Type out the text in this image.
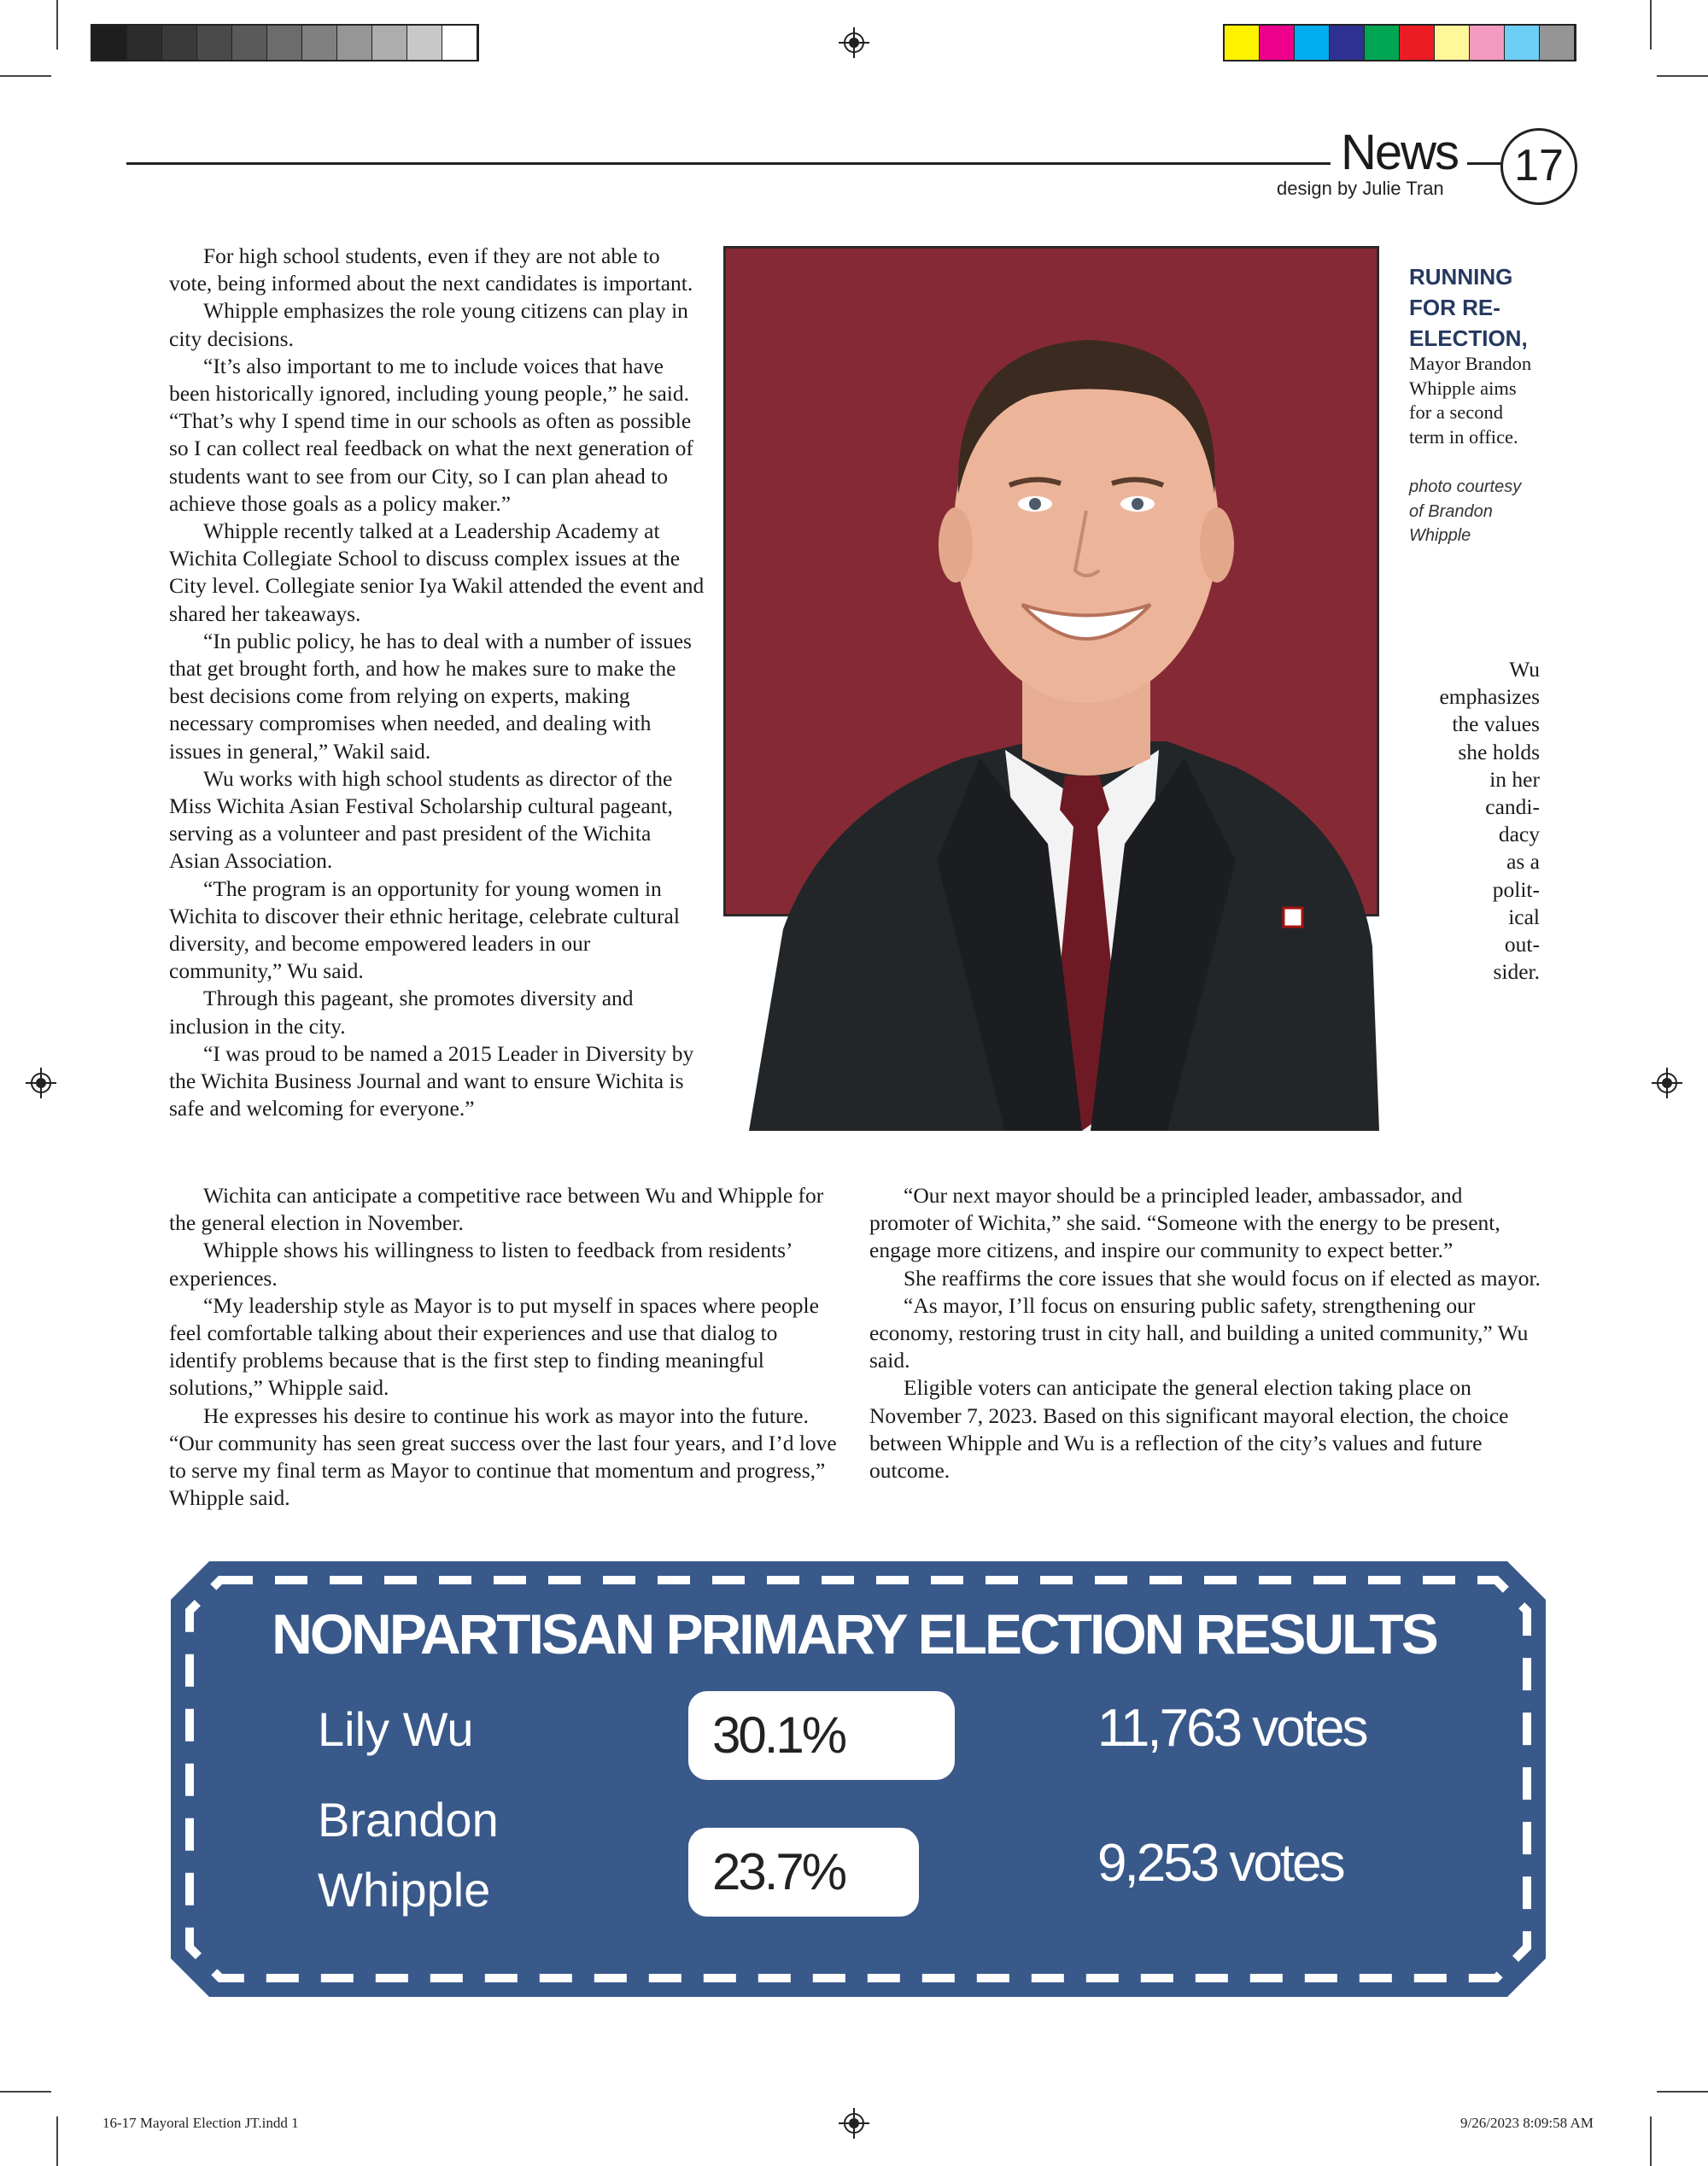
News
design by Julie Tran	17

For high school students, even if they are not able to vote, being informed about the next candidates is important.

Whipple emphasizes the role young citizens can play in city decisions.

“It’s also important to me to include voices that have been historically ignored, including young people,” he said. “That’s why I spend time in our schools as often as possible so I can collect real feedback on what the next generation of students want to see from our City, so I can plan ahead to achieve those goals as a policy maker.”

Whipple recently talked at a Leadership Academy at Wichita Collegiate School to discuss complex issues at the City level. Collegiate senior Iya Wakil attended the event and shared her takeaways.

“In public policy, he has to deal with a number of issues that get brought forth, and how he makes sure to make the best decisions come from relying on experts, making necessary compromises when needed, and dealing with issues in general,” Wakil said.

Wu works with high school students as director of the Miss Wichita Asian Festival Scholarship cultural pageant, serving as a volunteer and past president of the Wichita Asian Association.

“The program is an opportunity for young women in Wichita to discover their ethnic heritage, celebrate cultural diversity, and become empowered leaders in our community,” Wu said.

Through this pageant, she promotes diversity and inclusion in the city.

“I was proud to be named a 2015 Leader in Diversity by the Wichita Business Journal and want to ensure Wichita is safe and welcoming for everyone.”

Wichita can anticipate a competitive race between Wu and Whipple for the general election in November.

Whipple shows his willingness to listen to feedback from residents’ experiences.

“My leadership style as Mayor is to put myself in spaces where people feel comfortable talking about their experiences and use that dialog to identify problems because that is the first step to finding meaningful solutions,” Whipple said.

He expresses his desire to continue his work as mayor into the future. “Our community has seen great success over the last four years, and I’d love to serve my final term as Mayor to continue that momentum and progress,” Whipple said.

“Our next mayor should be a principled leader, ambassador, and promoter of Wichita,” she said. “Someone with the energy to be present, engage more citizens, and inspire our community to expect better.”

She reaffirms the core issues that she would focus on if elected as mayor.

“As mayor, I’ll focus on ensuring public safety, strengthening our economy, restoring trust in city hall, and building a united community,” Wu said.

Eligible voters can anticipate the general election taking place on November 7, 2023. Based on this significant mayoral election, the choice between Whipple and Wu is a reflection of the city’s values and future outcome.

RUNNING FOR RE-ELECTION,
Mayor Brandon Whipple aims for a second term in office.
photo courtesy of Brandon Whipple
Wu
emphasizes
the values
she holds
in her
candi-
dacy
as a
polit-
ical
out-
sider.
NONPARTISAN PRIMARY ELECTION RESULTS
Lily Wu	30.1%	11,763 votes
Brandon
Whipple	23.7%	9,253 votes
16-17 Mayoral Election JT.indd 1	9/26/2023 8:09:58 AM
